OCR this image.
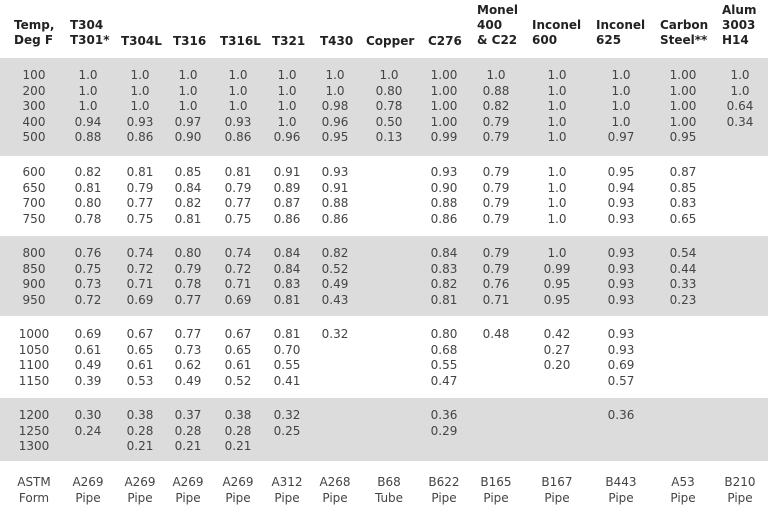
Temp,
Deg F
T304
T301* T304L T316 T316L T321 T430 Copper C276
Monel
400
& C22
Inconel
600
Inconel
625
Carbon
Steel**
Alum
3003
H14
100
200
300
400
500
1.0
1.0
1.0
0.94
0.88
1.0
1.0
1.0
0.93
0.86
1.0
1.0
1.0
0.97
0.90
1.0
1.0
1.0
0.93
0.86
1.0
1.0
1.0
1.0
0.96
1.0
1.0
0.98
0.96
0.95
1.0
0.80
0.78
0.50
0.13
1.00
1.00
1.00
1.00
0.99
1.0
0.88
0.82
0.79
0.79
1.0
1.0
1.0
1.0
1.0
1.0
1.0
1.0
1.0
0.97
1.00
1.00
1.00
1.00
0.95
1.0
1.0
0.64
0.34

600
650
700
750
0.82
0.81
0.80
0.78
0.81
0.79
0.77
0.75
0.85
0.84
0.82
0.81
0.81
0.79
0.77
0.75
0.91
0.89
0.87
0.86
0.93
0.91
0.88
0.86

0.93
0.90
0.88
0.86
0.79
0.79
0.79
0.79
1.0
1.0
1.0
1.0
0.95
0.94
0.93
0.93
0.87
0.85
0.83
0.65

800
850
900
950
0.76
0.75
0.73
0.72
0.74
0.72
0.71
0.69
0.80
0.79
0.78
0.77
0.74
0.72
0.71
0.69
0.84
0.84
0.83
0.81
0.82
0.52
0.49
0.43

0.84
0.83
0.82
0.81
0.79
0.79
0.76
0.71
1.0
0.99
0.95
0.95
0.93
0.93
0.93
0.93
0.54
0.44
0.33
0.23

1000
1050
1100
1150
0.69
0.61
0.49
0.39
0.67
0.65
0.61
0.53
0.77
0.73
0.62
0.49
0.67
0.65
0.61
0.52
0.81
0.70
0.55
0.41
0.32

	0.80
0.68
0.55
0.47
0.48

	0.42
0.27
0.20

0.93
0.93
0.69
0.57

1200
1250
1300
0.30
0.24

0.38
0.28
0.21
0.37
0.28
0.21
0.38
0.28
0.21
0.32
0.25

0.36
0.29

0.36

ASTM
Form
A269
Pipe
A269
Pipe
A269
Pipe
A269
Pipe
A312
Pipe
A268
Pipe
B68
Tube
B622
Pipe
B165
Pipe
B167
Pipe
B443
Pipe
A53
Pipe
B210
Pipe
